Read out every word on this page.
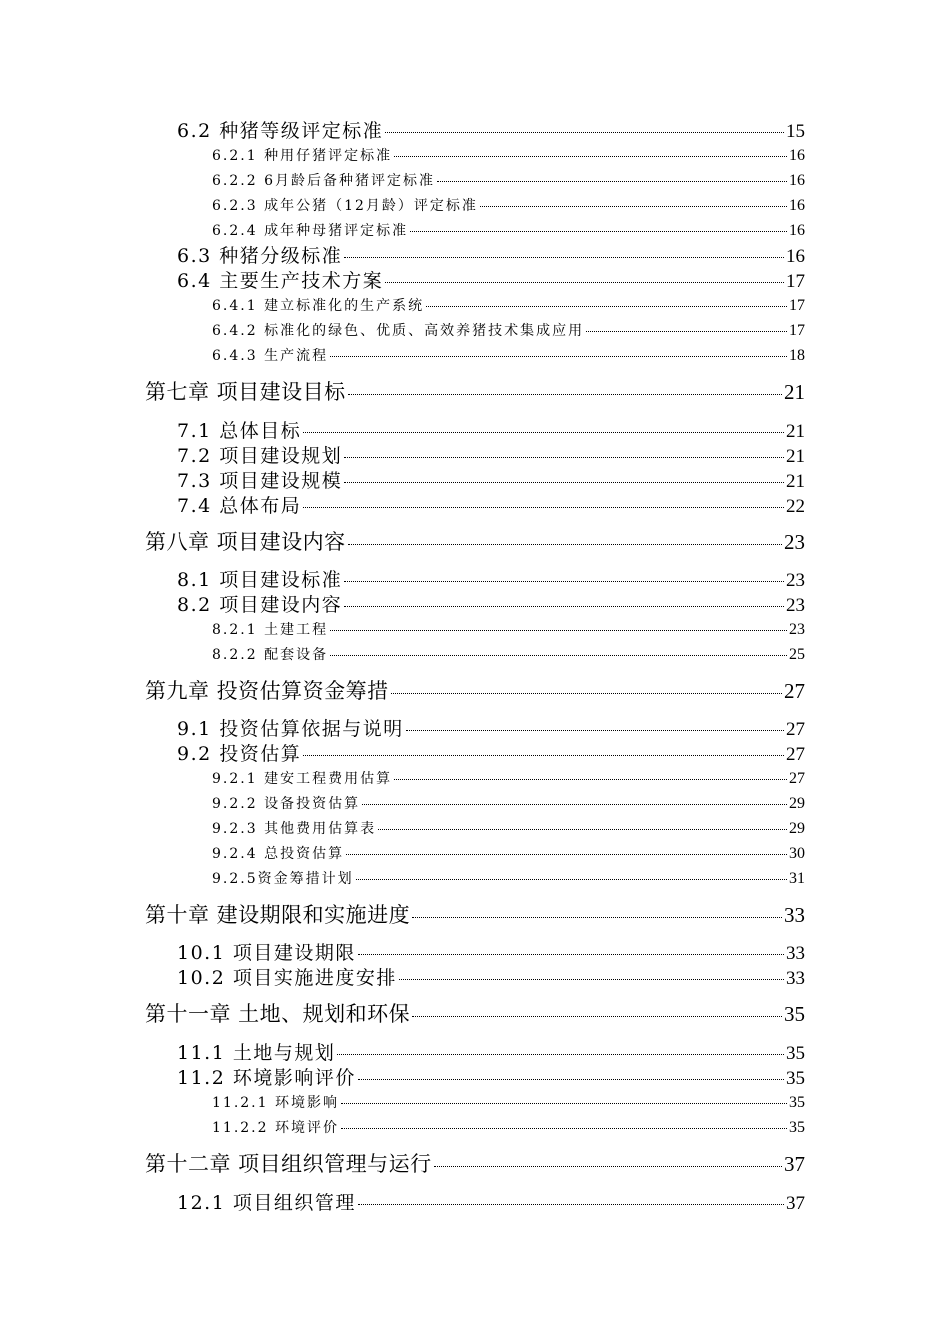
6.2 种猪等级评定标准	15
6.2.1 种用仔猪评定标准	16
6.2.2 6月龄后备种猪评定标准	16
6.2.3 成年公猪（12月龄）评定标准	16
6.2.4 成年种母猪评定标准	16
6.3 种猪分级标准	16
6.4 主要生产技术方案	17
6.4.1 建立标准化的生产系统	17
6.4.2 标准化的绿色、优质、高效养猪技术集成应用	17
6.4.3 生产流程	18
第七章 项目建设目标	21
7.1 总体目标	21
7.2 项目建设规划	21
7.3 项目建设规模	21
7.4 总体布局	22
第八章 项目建设内容	23
8.1 项目建设标准	23
8.2 项目建设内容	23
8.2.1 土建工程	23
8.2.2 配套设备	25
第九章 投资估算资金筹措	27
9.1 投资估算依据与说明	27
9.2 投资估算	27
9.2.1 建安工程费用估算	27
9.2.2 设备投资估算	29
9.2.3 其他费用估算表	29
9.2.4 总投资估算	30
9.2.5资金筹措计划	31
第十章 建设期限和实施进度	33
10.1 项目建设期限	33
10.2 项目实施进度安排	33
第十一章 土地、规划和环保	35
11.1 土地与规划	35
11.2 环境影响评价	35
11.2.1 环境影响	35
11.2.2 环境评价	35
第十二章 项目组织管理与运行	37
12.1 项目组织管理	37
